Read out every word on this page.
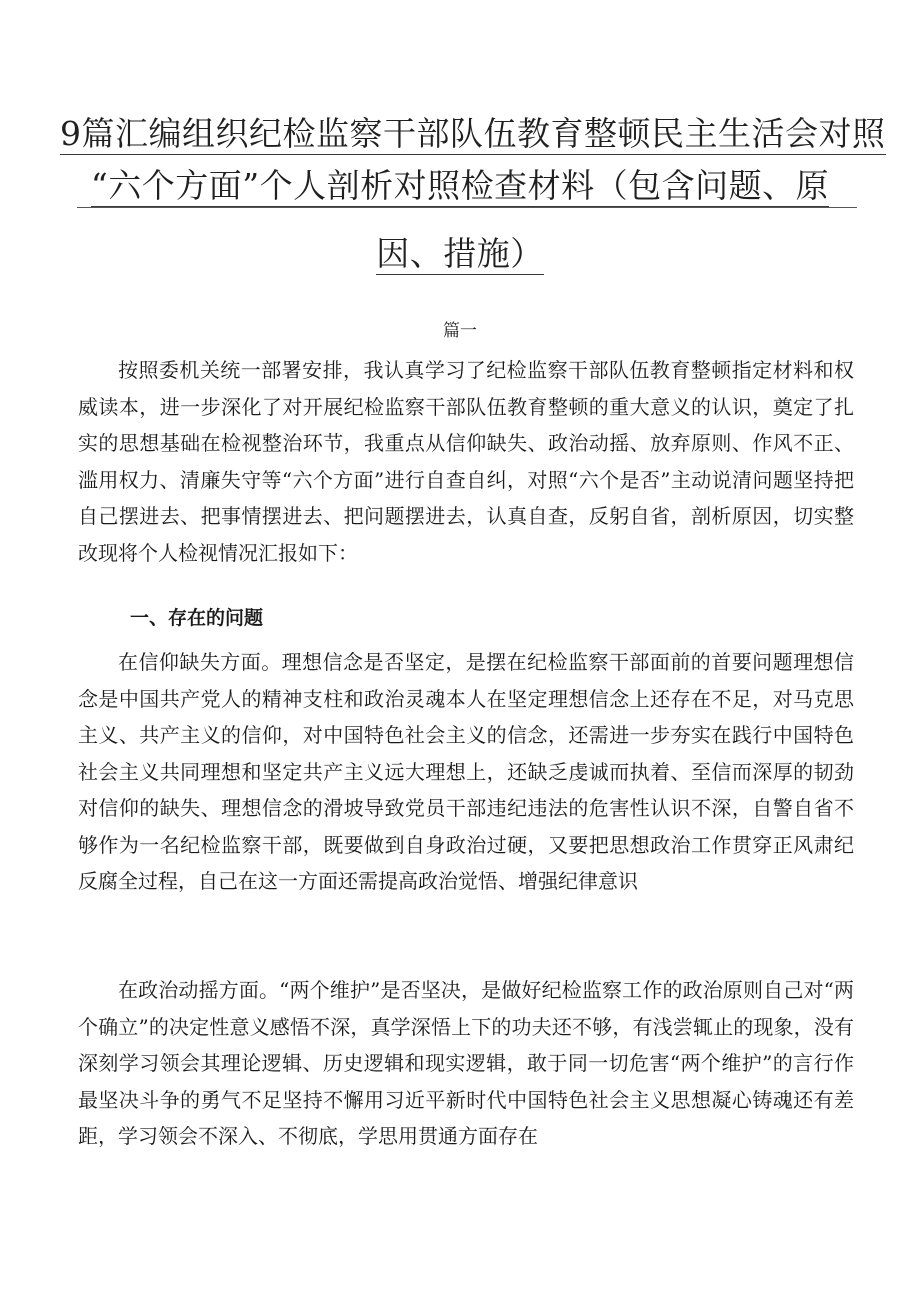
9篇汇编组织纪检监察干部队伍教育整顿民主生活会对照
“六个方面”个人剖析对照检查材料（包含问题、原
因、措施）
篇一

按照委机关统一部署安排，我认真学习了纪检监察干部队伍教育整顿指定材料和权威读本，进一步深化了对开展纪检监察干部队伍教育整顿的重大意义的认识，奠定了扎实的思想基础在检视整治环节，我重点从信仰缺失、政治动摇、放弃原则、作风不正、滥用权力、清廉失守等“六个方面”进行自查自纠，对照“六个是否”主动说清问题坚持把自己摆进去、把事情摆进去、把问题摆进去，认真自查，反躬自省，剖析原因，切实整改现将个人检视情况汇报如下：

一、存在的问题

在信仰缺失方面。理想信念是否坚定，是摆在纪检监察干部面前的首要问题理想信念是中国共产党人的精神支柱和政治灵魂本人在坚定理想信念上还存在不足，对马克思主义、共产主义的信仰，对中国特色社会主义的信念，还需进一步夯实在践行中国特色社会主义共同理想和坚定共产主义远大理想上，还缺乏虔诚而执着、至信而深厚的韧劲对信仰的缺失、理想信念的滑坡导致党员干部违纪违法的危害性认识不深，自警自省不够作为一名纪检监察干部，既要做到自身政治过硬，又要把思想政治工作贯穿正风肃纪反腐全过程，自己在这一方面还需提高政治觉悟、增强纪律意识

在政治动摇方面。“两个维护”是否坚决，是做好纪检监察工作的政治原则自己对“两个确立”的决定性意义感悟不深，真学深悟上下的功夫还不够，有浅尝辄止的现象，没有深刻学习领会其理论逻辑、历史逻辑和现实逻辑，敢于同一切危害“两个维护”的言行作最坚决斗争的勇气不足坚持不懈用习近平新时代中国特色社会主义思想凝心铸魂还有差距，学习领会不深入、不彻底，学思用贯通方面存在
